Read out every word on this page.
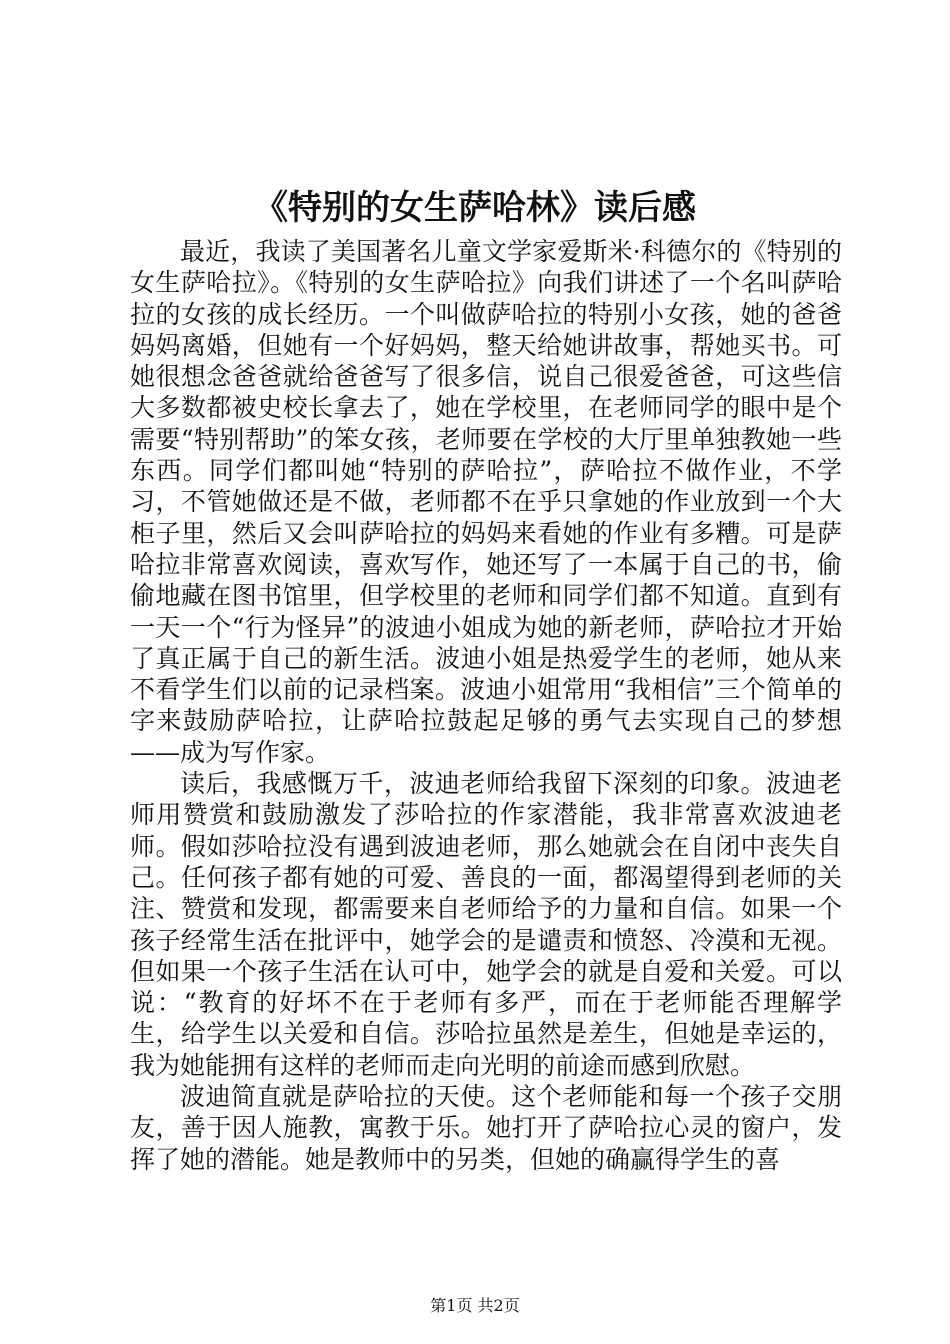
《特别的女生萨哈林》读后感

最近，我读了美国著名儿童文学家爱斯米·科德尔的《特别的女生萨哈拉》。《特别的女生萨哈拉》向我们讲述了一个名叫萨哈拉的女孩的成长经历。一个叫做萨哈拉的特别小女孩，她的爸爸妈妈离婚，但她有一个好妈妈，整天给她讲故事，帮她买书。可她很想念爸爸就给爸爸写了很多信，说自己很爱爸爸，可这些信大多数都被史校长拿去了，她在学校里，在老师同学的眼中是个需要“特别帮助”的笨女孩，老师要在学校的大厅里单独教她一些东西。同学们都叫她“特别的萨哈拉”，萨哈拉不做作业，不学习，不管她做还是不做，老师都不在乎只拿她的作业放到一个大柜子里，然后又会叫萨哈拉的妈妈来看她的作业有多糟。可是萨哈拉非常喜欢阅读，喜欢写作，她还写了一本属于自己的书，偷偷地藏在图书馆里，但学校里的老师和同学们都不知道。直到有一天一个“行为怪异”的波迪小姐成为她的新老师，萨哈拉才开始了真正属于自己的新生活。波迪小姐是热爱学生的老师，她从来不看学生们以前的记录档案。波迪小姐常用“我相信”三个简单的字来鼓励萨哈拉，让萨哈拉鼓起足够的勇气去实现自己的梦想——成为写作家。

读后，我感慨万千，波迪老师给我留下深刻的印象。波迪老师用赞赏和鼓励激发了莎哈拉的作家潜能，我非常喜欢波迪老师。假如莎哈拉没有遇到波迪老师，那么她就会在自闭中丧失自己。任何孩子都有她的可爱、善良的一面，都渴望得到老师的关注、赞赏和发现，都需要来自老师给予的力量和自信。如果一个孩子经常生活在批评中，她学会的是谴责和愤怒、冷漠和无视。但如果一个孩子生活在认可中，她学会的就是自爱和关爱。可以说：“教育的好坏不在于老师有多严，而在于老师能否理解学生，给学生以关爱和自信。莎哈拉虽然是差生，但她是幸运的，我为她能拥有这样的老师而走向光明的前途而感到欣慰。

波迪简直就是萨哈拉的天使。这个老师能和每一个孩子交朋友，善于因人施教，寓教于乐。她打开了萨哈拉心灵的窗户，发挥了她的潜能。她是教师中的另类，但她的确赢得学生的喜

第1页 共2页
